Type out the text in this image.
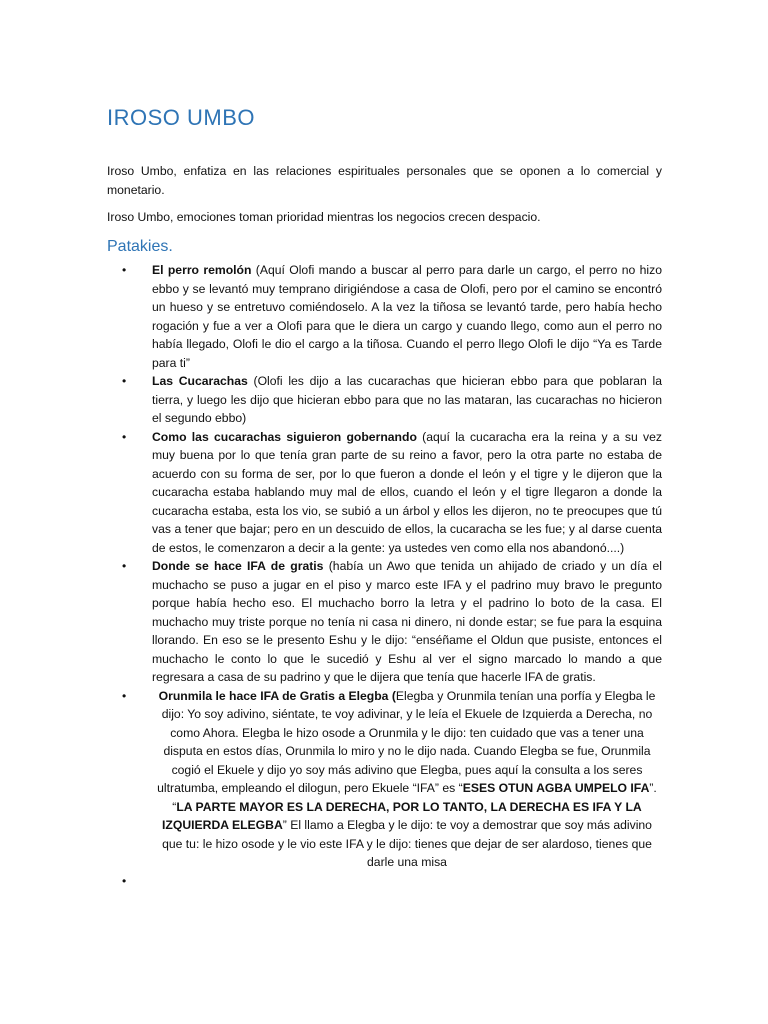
IROSO UMBO

Iroso Umbo, enfatiza en las relaciones espirituales personales que se oponen a lo comercial y monetario.

Iroso Umbo, emociones toman prioridad mientras los negocios crecen despacio.

Patakies.
• El perro remolón (Aquí Olofi mando a buscar al perro para darle un cargo, el perro no hizo ebbo y se levantó muy temprano dirigiéndose a casa de Olofi, pero por el camino se encontró un hueso y se entretuvo comiéndoselo. A la vez la tiñosa se levantó tarde, pero había hecho rogación y fue a ver a Olofi para que le diera un cargo y cuando llego, como aun el perro no había llegado, Olofi le dio el cargo a la tiñosa. Cuando el perro llego Olofi le dijo “Ya es Tarde para ti”

• Las Cucarachas (Olofi les dijo a las cucarachas que hicieran ebbo para que poblaran la tierra, y luego les dijo que hicieran ebbo para que no las mataran, las cucarachas no hicieron el segundo ebbo)

• Como las cucarachas siguieron gobernando (aquí la cucaracha era la reina y a su vez muy buena por lo que tenía gran parte de su reino a favor, pero la otra parte no estaba de acuerdo con su forma de ser, por lo que fueron a donde el león y el tigre y le dijeron que la cucaracha estaba hablando muy mal de ellos, cuando el león y el tigre llegaron a donde la cucaracha estaba, esta los vio, se subió a un árbol y ellos les dijeron, no te preocupes que tú vas a tener que bajar; pero en un descuido de ellos, la cucaracha se les fue; y al darse cuenta de estos, le comenzaron a decir a la gente: ya ustedes ven como ella nos abandonó....)

• Donde se hace IFA de gratis (había un Awo que tenida un ahijado de criado y un día el muchacho se puso a jugar en el piso y marco este IFA y el padrino muy bravo le pregunto porque había hecho eso. El muchacho borro la letra y el padrino lo boto de la casa. El muchacho muy triste porque no tenía ni casa ni dinero, ni donde estar; se fue para la esquina llorando. En eso se le presento Eshu y le dijo: “enséñame el Oldun que pusiste, entonces el muchacho le conto lo que le sucedió y Eshu al ver el signo marcado lo mando a que regresara a casa de su padrino y que le dijera que tenía que hacerle IFA de gratis.

•	Orunmila le hace IFA de Gratis a Elegba (Elegba y Orunmila tenían una porfía y Elegba le dijo: Yo soy adivino, siéntate, te voy adivinar, y le leía el Ekuele de Izquierda a Derecha, no como Ahora. Elegba le hizo osode a Orunmila y le dijo: ten cuidado que vas a tener una disputa en estos días, Orunmila lo miro y no le dijo nada. Cuando Elegba se fue, Orunmila cogió el Ekuele y dijo yo soy más adivino que Elegba, pues aquí la consulta a los seres ultratumba, empleando el dilogun, pero Ekuele “IFA” es “ESES OTUN AGBA UMPELO IFA”. “LA PARTE MAYOR ES LA DERECHA, POR LO TANTO, LA DERECHA ES IFA Y LA IZQUIERDA ELEGBA” El llamo a Elegba y le dijo: te voy a demostrar que soy más adivino que tu: le hizo osode y le vio este IFA y le dijo: tienes que dejar de ser alardoso, tienes que darle una misa

•
